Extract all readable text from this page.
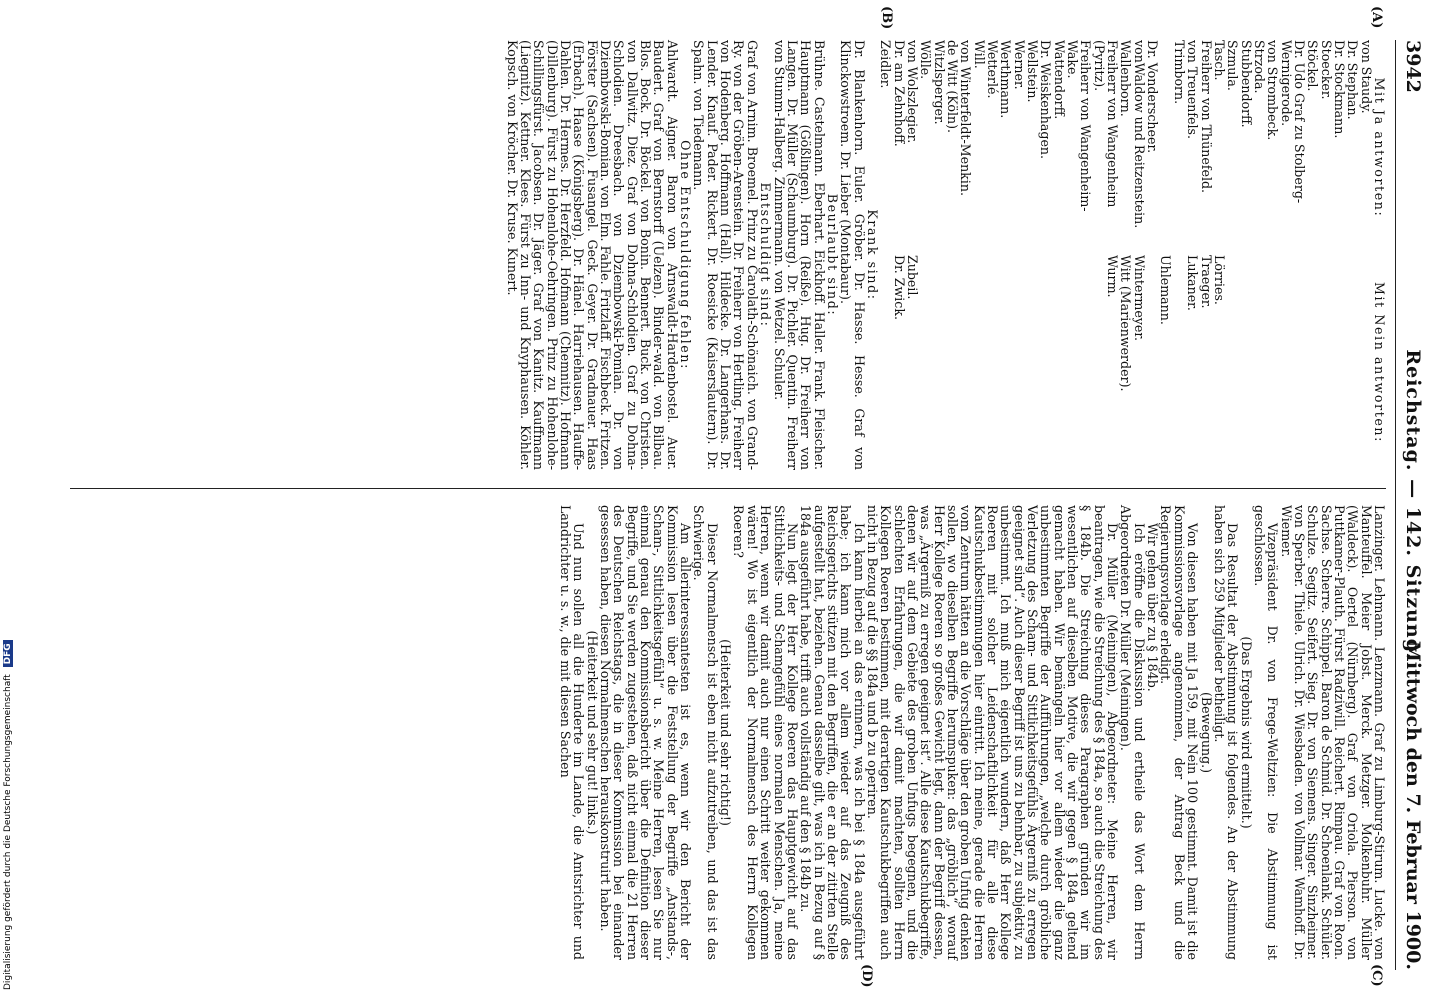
3942
Reichstag. — 142. Sitzung.
Mittwoch den 7. Februar 1900.
(A)
(B)
(C)
(D)
Mit Ja antworten:
Mit Nein antworten:
von Staudy.
Dr. Stephan.
Dr. Stockmann.
Stoecker.
Stöckel.
Dr. Udo Graf zu Stolberg-
Wernigerode.
von Strombeck.
Strzoda.
Stubbendorff.
Szmula.
Tasch.
Freiherr von Thünefeld.
von Treuenfels.
Trimborn.

Dr. Vonderscheer.
vonWaldow und Reitzenstein.
Wallenborn.
Freiherr von Wangenheim
(Pyritz).
Freiherr von Wangenheim-
Wake.
Wattendorff.
Dr. Weiskenhagen.
Wellstein.
Werner.
Werthmann.
Wetterlé.
Will.
von Winterfeldt-Menkin.
de Witt (Köln).
Witzlsperger.
Wölle.

Lörries.
Traeger.
Lukaner.

Uhlemann.

Wintermeyer.
Witt (Marienwerder).
Wurm.
von Wolszlegier.
Dr. am Zehnhoff.
Zeidler.
Zubeil.
Dr. Zwick.
Krank sind:
Dr. Blankenhorn. Euler. Gröber. Dr. Hasse. Hesse. Graf von Klinckowstroem. Dr. Lieber (Montabaur).
Beurlaubt sind:
Brühne. Castelmann. Eberhart. Eickhoff. Haller. Frank. Fleischer. Hauptmann (Gößlingen). Horn (Reiße). Hug. Dr. Freiherr von Langen. Dr. Müller (Schaumburg). Dr. Pichler. Quentin. Freiherr von Stumm-Halberg. Zimmermann. von Wetzel. Schuler.
Entschuldigt sind:
Graf von Arnim. Broemel. Prinz zu Carolath-Schönaich. von Grand-Ry. von der Gröben-Arenstein. Dr. Freiherr von Hertling. Freiherr von Hodenberg. Hoffmann (Hall). Hildecke. Dr. Langerhans. Dr. Lender. Knauf. Pader. Rickert. Dr. Roesicke (Kaiserslautern). Dr. Spahn. von Tiedemann.
Ohne Entschuldigung fehlen:
Ahlwardt. Aigner. Baron von Arnswaldt-Hardenbostel. Auer. Baudert. Graf von Bernstorff (Uelzen). Binder-wald. von Bilbau. Blos. Bock. Dr. Böckel. von Bonin. Bennert. Buck. von Christen. von Dallwitz. Diez. Graf von Dohna-Schlodien. Graf zu Dohna-Schlodien. Dreesbach. von Dziembowski-Pomian. Dr. von Dziembowski-Bomian. von Elm. Fahle. Fritzlaff. Fischbeck. Fritzen. Förster (Sachsen). Fusangel. Geck. Geyer. Dr. Gradnauer. Haas (Erbach). Haase (Königsberg). Dr. Hänel. Harriehausen. Hauffe-Dahlen. Dr. Hermes. Dr. Herzfeld. Hofmann (Chemnitz). Hofmann (Dillenburg). Fürst zu Hohenlohe-Oehringen. Prinz zu Hohenlohe-Schillingsfürst. Jacobsen. Dr. Jäger. Graf von Kanitz. Kauffmann (Liegnitz). Kettner. Klees. Fürst zu Inn- und Knyphausen. Köhler. Kopsch. von Kröcher. Dr. Kruse. Kunert.

Lanzinger. Lehmann. Lenzmann. Graf zu Limburg-Stirum. Lucke. von Manteuffel. Meier Jobst. Merck. Metzger. Molkenbuhr. Müller (Waldeck). Oertel (Nürnberg). Graf von Oriola. Pierson. von Puttkamer-Plauth. Fürst Radziwill. Reichert. Rimpau. Graf von Roon. Sachse. Scherre. Schippel. Baron de Schmid. Dr. Schoenlank. Schüler. Schulze. Segitz. Seifert. Sieg. Dr. von Siemens. Singer. Sinzheimer. von Sperber. Thiele. Ulrich. Dr. Wiesbaden. von Vollmar. Wamhoff. Dr. Wiemer.

Vizepräsident Dr. von Frege-Weltzien: Die Abstimmung ist geschlossen.

(Das Ergebnis wird ermittelt.)

Das Resultat der Abstimmung ist folgendes. An der Abstimmung haben sich 259 Mitglieder betheiligt.

(Bewegung.)

Von diesen haben mit Ja 159, mit Nein 100 gestimmt. Damit ist die Kommissionsvorlage angenommen, der Antrag Beck und die Regierungsvorlage erledigt.

Wir gehen über zu § 184b.

Ich eröffne die Diskussion und ertheile das Wort dem Herrn Abgeordneten Dr. Müller (Meiningen).

Dr. Müller (Meiningen), Abgeordneter: Meine Herren, wir beantragen, wie die Streichung des § 184a, so auch die Streichung des § 184b. Die Streichung dieses Paragraphen gründen wir im wesentlichen auf dieselben Motive, die wir gegen § 184a geltend gemacht haben. Wir bemängeln hier vor allem wieder die ganz unbestimmten Begriffe der Aufführungen, „welche durch gröbliche Verletzung des Scham- und Sittlichkeitsgefühls Ärgerniß zu erregen geeignet sind“. Auch dieser Begriff ist uns zu behnbar, zu subjektiv, zu unbestimmt. Ich muß mich eigentlich wundern, daß Herr Kollege Roeren mit solcher Leidenschaftlichkeit für alle diese Kautschukbestimmungen hier eintritt. Ich meine, gerade die Herren vom Zentrum hätten an die Vorschläge über den groben Unfug denken sollen, wo dieselben Begriffe herumspuken: das „gröblich“, worauf Herr Kollege Roeren so großes Gewicht legt, dann der Begriff dessen, was „Ärgerniß zu erregen geeignet ist“. Alle diese Kautschukbegriffe, denen wir auf dem Gebiete des groben Unfugs begegnen, und die schlechten Erfahrungen, die wir damit machten, sollten Herrn Kollegen Roeren bestimmen, mit derartigen Kautschukbegriffen auch nicht in Bezug auf die §§ 184a und b zu operiren.

Ich kann hierbei an das erinnern, was ich bei § 184a ausgeführt habe; ich kann mich vor allem wieder auf das Zeugniß des Reichsgerichts stützen mit den Begriffen, die er an der zitirten Stelle aufgestellt hat, beziehen. Genau dasselbe gilt, was ich in Bezug auf § 184a ausgeführt habe, trifft auch vollständig auf den § 184b zu.

Nun legt der Herr Kollege Roeren das Hauptgewicht auf das Sittlichkeits- und Schamgefühl eines normalen Menschen. Ja, meine Herren, wenn wir damit auch nur einen Schritt weiter gekommen wären! Wo ist eigentlich der Normalmensch des Herrn Kollegen Roeren?

(Heiterkeit und sehr richtig!)

Dieser Normalmensch ist eben nicht aufzutreiben, und das ist das Schwierige.

Am allerinteressantesten ist es, wenn wir den Bericht der Kommission lesen über die Feststellung der Begriffe „Anstands-, Scham-, Sittlichkeitsgefühl“ u. s. w. Meine Herren, lesen Sie nur einmal genau den Kommissionsbericht über die Definition dieser Begriffe, und Sie werden zugestehen, daß nicht einmal die 21 Herren des Deutschen Reichstags, die in dieser Kommission bei einander gesessen haben, diesen Normalmenschen herauskonstruirt haben.

(Heiterkeit und sehr gut! links.)

Und nun sollen all die Hunderte im Lande, die Amtsrichter und Landrichter u. s. w., die mit diesen Sachen

Digitalisierung gefördert durch die Deutsche Forschungsgemeinschaft DFG
